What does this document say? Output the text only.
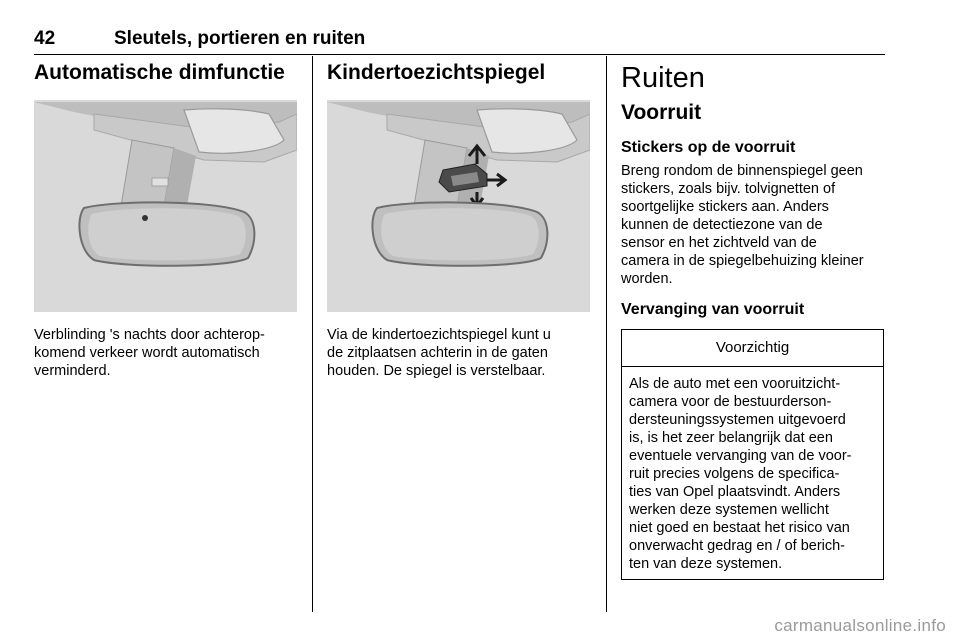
42	Sleutels, portieren en ruiten
Automatische dimfunctie

Verblinding 's nachts door achterop-
komend verkeer wordt automatisch
verminderd.

Kindertoezichtspiegel

Via de kindertoezichtspiegel kunt u
de zitplaatsen achterin in de gaten
houden. De spiegel is verstelbaar.

Ruiten
Voorruit
Stickers op de voorruit

Breng rondom de binnenspiegel geen
stickers, zoals bijv. tolvignetten of
soortgelijke stickers aan. Anders
kunnen de detectiezone van de
sensor en het zichtveld van de
camera in de spiegelbehuizing kleiner
worden.

Vervanging van voorruit
Voorzichtig
Als de auto met een vooruitzicht-
camera voor de bestuurderson-
dersteuningssystemen uitgevoerd
is, is het zeer belangrijk dat een
eventuele vervanging van de voor-
ruit precies volgens de specifica-
ties van Opel plaatsvindt. Anders
werken deze systemen wellicht
niet goed en bestaat het risico van
onverwacht gedrag en / of berich-
ten van deze systemen.
carmanualsonline.info
